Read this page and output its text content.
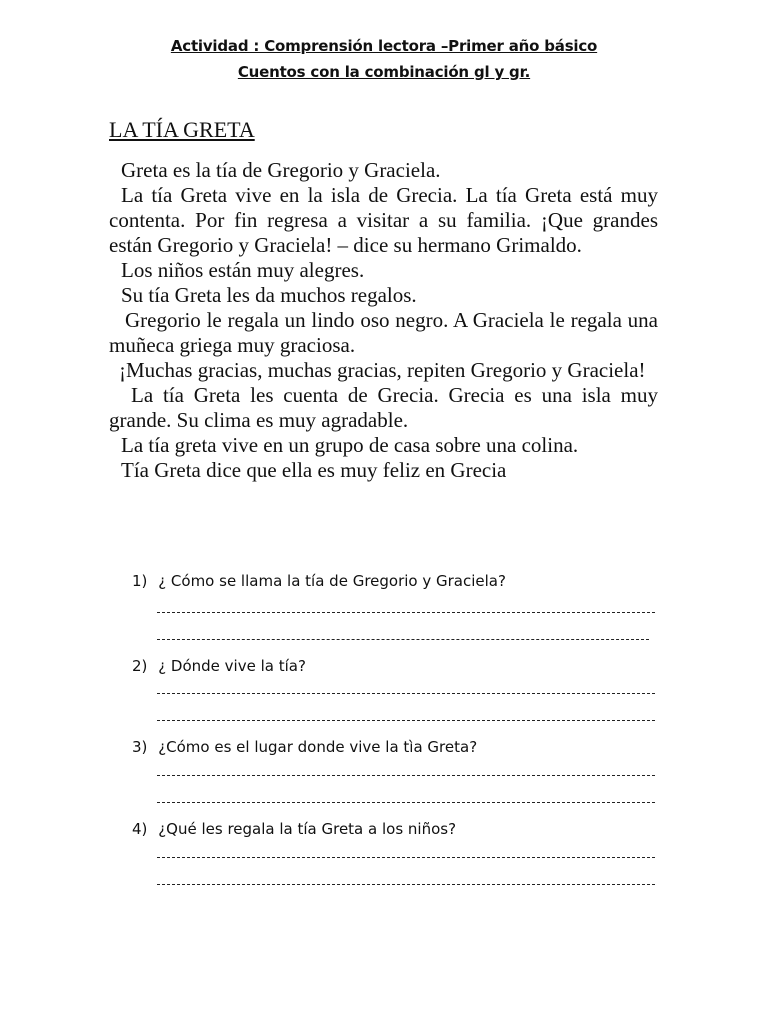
Actividad : Comprensión lectora –Primer año básico
Cuentos con la combinación gl y gr.
LA TÍA GRETA

Greta es la tía de Gregorio y Graciela.

La tía Greta vive en la isla de Grecia. La tía Greta está muy contenta. Por fin regresa a visitar a su familia. ¡Que grandes están Gregorio y Graciela! – dice su hermano Grimaldo.

Los niños están muy alegres.

Su tía Greta les da muchos regalos.

Gregorio le regala un lindo oso negro. A Graciela le regala una muñeca griega muy graciosa.

¡Muchas gracias, muchas gracias, repiten Gregorio y Graciela!

La tía Greta les cuenta de Grecia. Grecia es una isla muy grande. Su clima es muy agradable.

La tía greta vive en un grupo de casa sobre una colina.

Tía Greta dice que ella es muy feliz en Grecia

1) ¿ Cómo se llama la tía de Gregorio y Graciela?
2) ¿ Dónde vive la tía?
3) ¿Cómo es el lugar donde vive la tìa Greta?
4) ¿Qué les regala la tía Greta a los niños?
